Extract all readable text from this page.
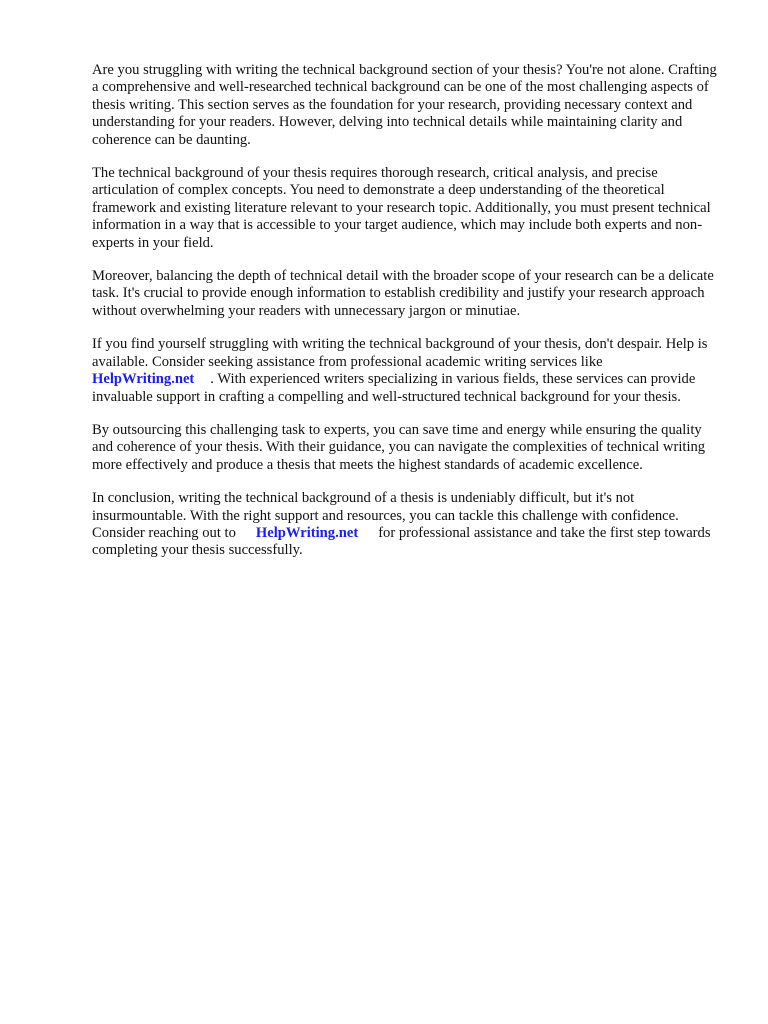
Are you struggling with writing the technical background section of your thesis? You're not alone. Crafting a comprehensive and well-researched technical background can be one of the most challenging aspects of thesis writing. This section serves as the foundation for your research, providing necessary context and understanding for your readers. However, delving into technical details while maintaining clarity and coherence can be daunting.

The technical background of your thesis requires thorough research, critical analysis, and precise articulation of complex concepts. You need to demonstrate a deep understanding of the theoretical framework and existing literature relevant to your research topic. Additionally, you must present technical information in a way that is accessible to your target audience, which may include both experts and non-experts in your field.

Moreover, balancing the depth of technical detail with the broader scope of your research can be a delicate task. It's crucial to provide enough information to establish credibility and justify your research approach without overwhelming your readers with unnecessary jargon or minutiae.

If you find yourself struggling with writing the technical background of your thesis, don't despair. Help is available. Consider seeking assistance from professional academic writing services like
HelpWriting.net . With experienced writers specializing in various fields, these services can provide invaluable support in crafting a compelling and well-structured technical background for your thesis.

By outsourcing this challenging task to experts, you can save time and energy while ensuring the quality and coherence of your thesis. With their guidance, you can navigate the complexities of technical writing more effectively and produce a thesis that meets the highest standards of academic excellence.

In conclusion, writing the technical background of a thesis is undeniably difficult, but it's not insurmountable. With the right support and resources, you can tackle this challenge with confidence. Consider reaching out to HelpWriting.net for professional assistance and take the first step towards completing your thesis successfully.
